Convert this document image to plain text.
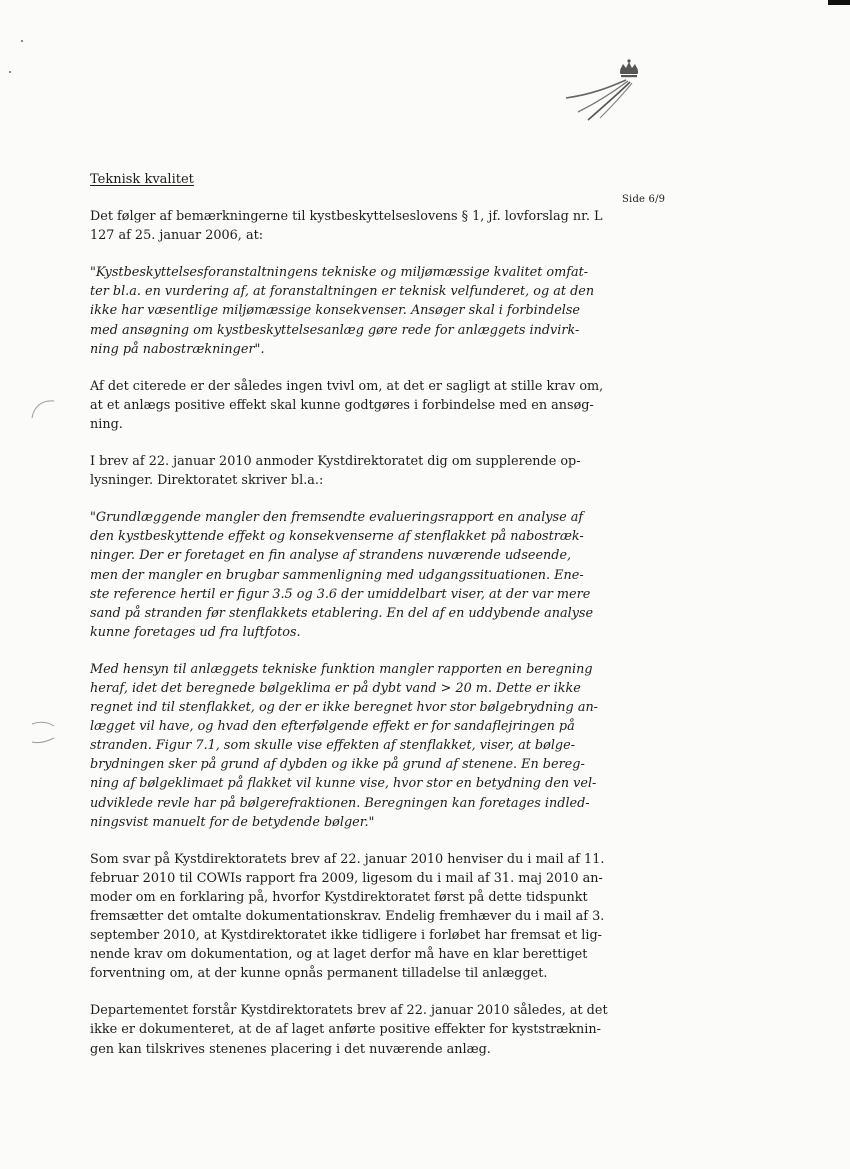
Side 6/9
Teknisk kvalitet

Det følger af bemærkningerne til kystbeskyttelseslovens § 1, jf. lovforslag nr. L
127 af 25. januar 2006, at:

"Kystbeskyttelsesforanstaltningens tekniske og miljømæssige kvalitet omfat-
ter bl.a. en vurdering af, at foranstaltningen er teknisk velfunderet, og at den
ikke har væsentlige miljømæssige konsekvenser. Ansøger skal i forbindelse
med ansøgning om kystbeskyttelsesanlæg gøre rede for anlæggets indvirk-
ning på nabostrækninger".

Af det citerede er der således ingen tvivl om, at det er sagligt at stille krav om,
at et anlægs positive effekt skal kunne godtgøres i forbindelse med en ansøg-
ning.

I brev af 22. januar 2010 anmoder Kystdirektoratet dig om supplerende op-
lysninger. Direktoratet skriver bl.a.:

"Grundlæggende mangler den fremsendte evalueringsrapport en analyse af
den kystbeskyttende effekt og konsekvenserne af stenflakket på nabostræk-
ninger. Der er foretaget en fin analyse af strandens nuværende udseende,
men der mangler en brugbar sammenligning med udgangssituationen. Ene-
ste reference hertil er figur 3.5 og 3.6 der umiddelbart viser, at der var mere
sand på stranden før stenflakkets etablering. En del af en uddybende analyse
kunne foretages ud fra luftfotos.

Med hensyn til anlæggets tekniske funktion mangler rapporten en beregning
heraf, idet det beregnede bølgeklima er på dybt vand > 20 m. Dette er ikke
regnet ind til stenflakket, og der er ikke beregnet hvor stor bølgebrydning an-
lægget vil have, og hvad den efterfølgende effekt er for sandaflejringen på
stranden. Figur 7.1, som skulle vise effekten af stenflakket, viser, at bølge-
brydningen sker på grund af dybden og ikke på grund af stenene. En bereg-
ning af bølgeklimaet på flakket vil kunne vise, hvor stor en betydning den vel-
udviklede revle har på bølgerefraktionen. Beregningen kan foretages indled-
ningsvist manuelt for de betydende bølger."

Som svar på Kystdirektoratets brev af 22. januar 2010 henviser du i mail af 11.
februar 2010 til COWIs rapport fra 2009, ligesom du i mail af 31. maj 2010 an-
moder om en forklaring på, hvorfor Kystdirektoratet først på dette tidspunkt
fremsætter det omtalte dokumentationskrav. Endelig fremhæver du i mail af 3.
september 2010, at Kystdirektoratet ikke tidligere i forløbet har fremsat et lig-
nende krav om dokumentation, og at laget derfor må have en klar berettiget
forventning om, at der kunne opnås permanent tilladelse til anlægget.

Departementet forstår Kystdirektoratets brev af 22. januar 2010 således, at det
ikke er dokumenteret, at de af laget anførte positive effekter for kyststræknin-
gen kan tilskrives stenenes placering i det nuværende anlæg.
